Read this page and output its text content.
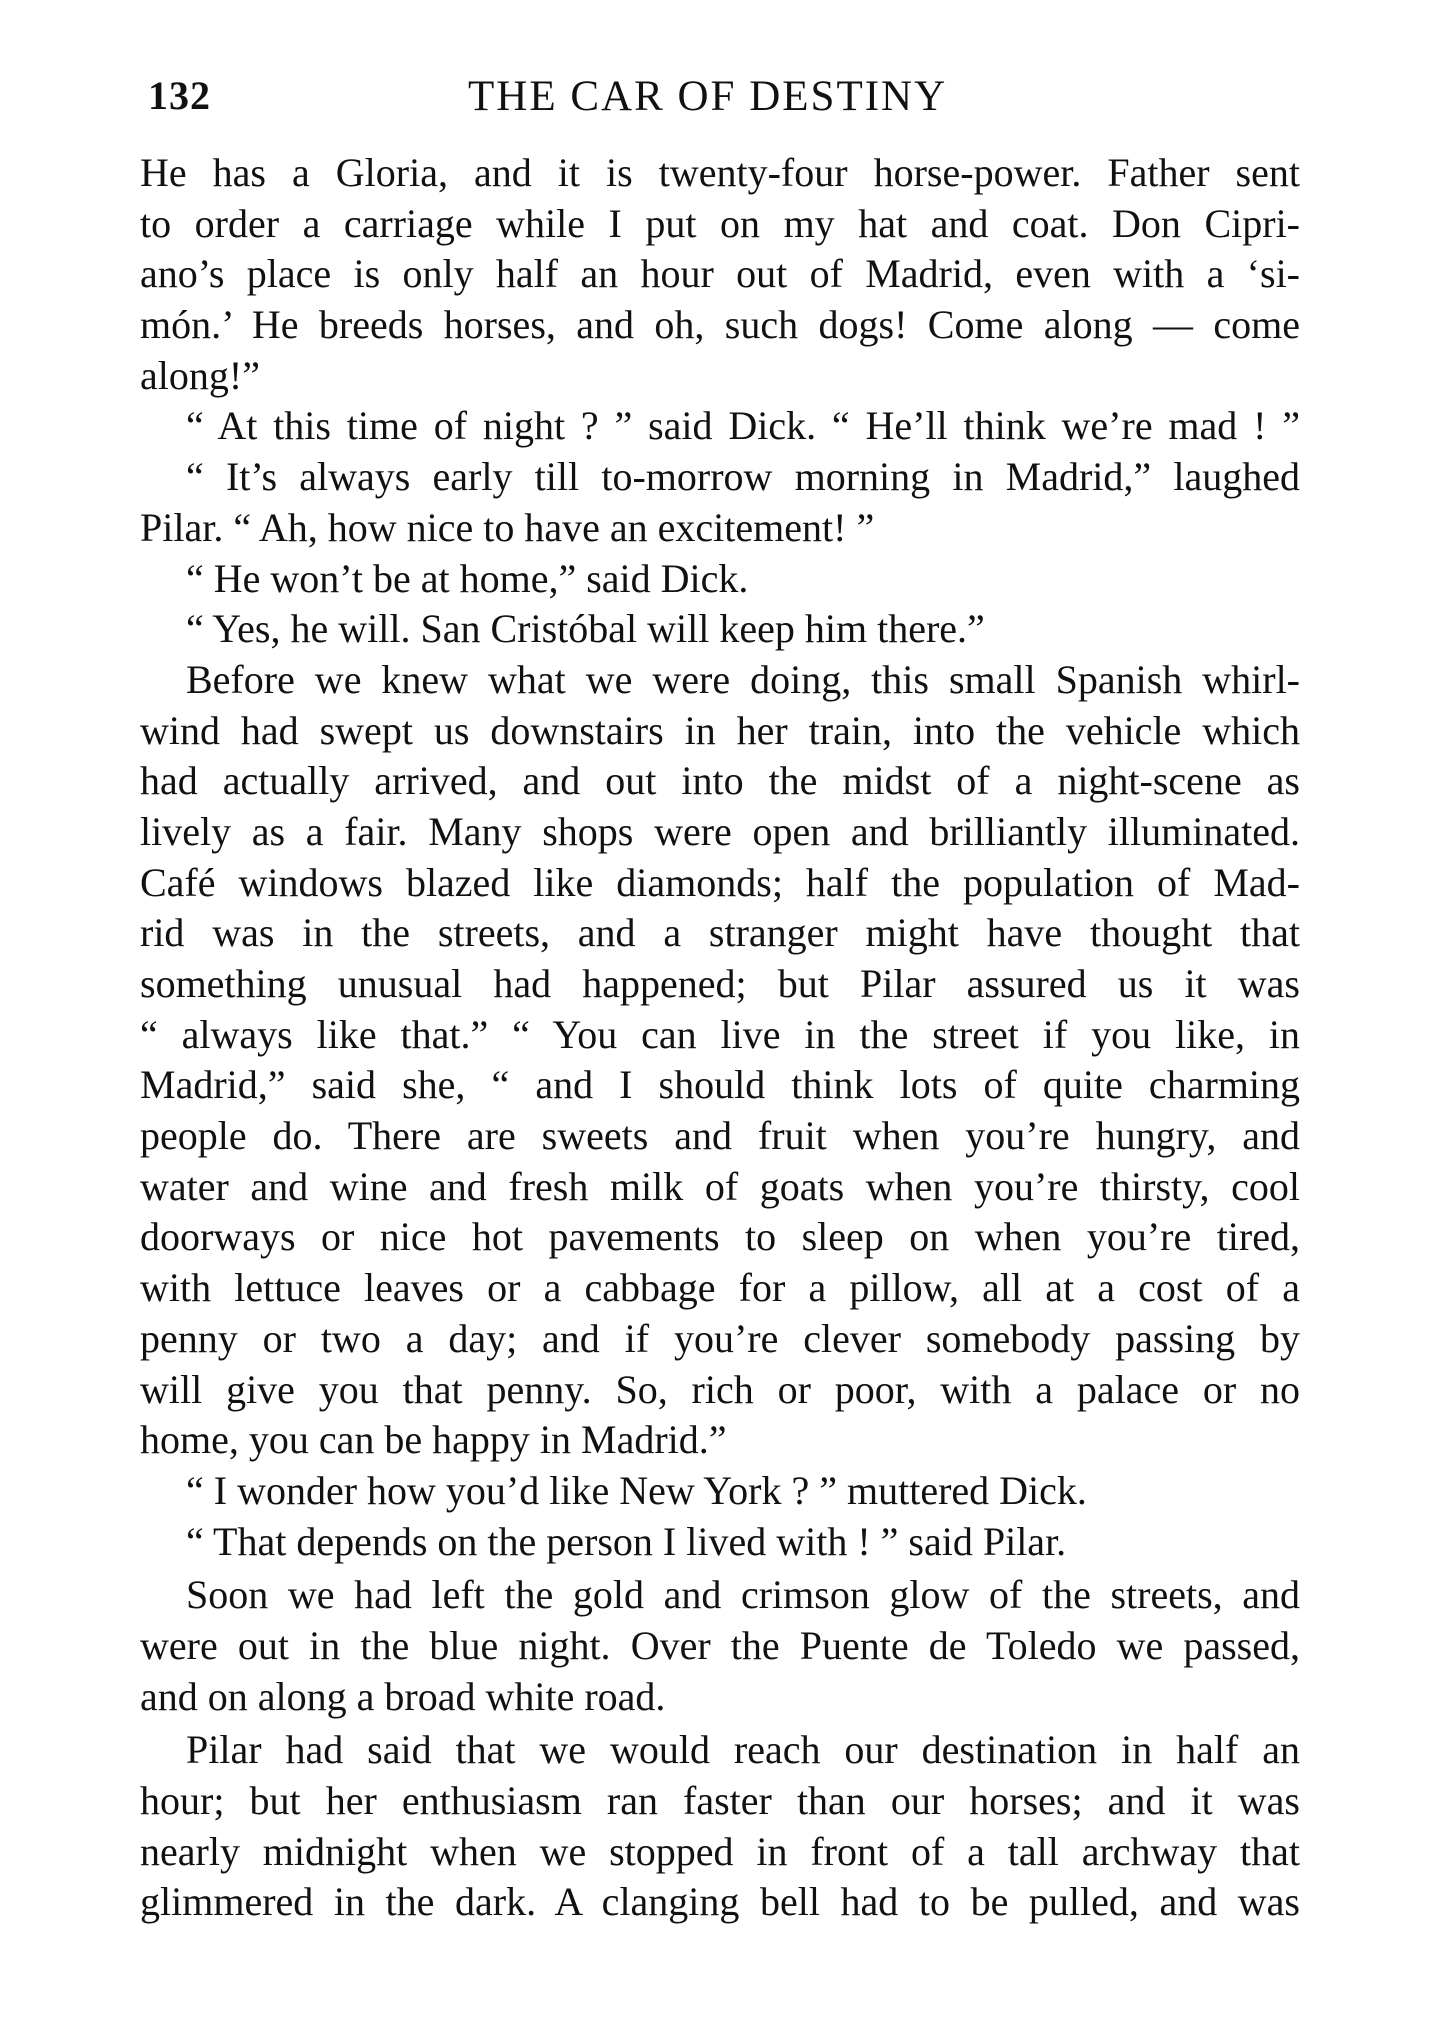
132	THE CAR OF DESTINY
He has a Gloria, and it is twenty-four horse-power. Father sent
to order a carriage while I put on my hat and coat. Don Cipri-
ano’s place is only half an hour out of Madrid, even with a ‘si-
món.’ He breeds horses, and oh, such dogs! Come along — come
along!”
“ At this time of night ? ” said Dick. “ He’ll think we’re mad ! ”
“ It’s always early till to-morrow morning in Madrid,” laughed
Pilar. “ Ah, how nice to have an excitement! ”
“ He won’t be at home,” said Dick.
“ Yes, he will. San Cristóbal will keep him there.”
Before we knew what we were doing, this small Spanish whirl-
wind had swept us downstairs in her train, into the vehicle which
had actually arrived, and out into the midst of a night-scene as
lively as a fair. Many shops were open and brilliantly illuminated.
Café windows blazed like diamonds; half the population of Mad-
rid was in the streets, and a stranger might have thought that
something unusual had happened; but Pilar assured us it was
“ always like that.” “ You can live in the street if you like, in
Madrid,” said she, “ and I should think lots of quite charming
people do. There are sweets and fruit when you’re hungry, and
water and wine and fresh milk of goats when you’re thirsty, cool
doorways or nice hot pavements to sleep on when you’re tired,
with lettuce leaves or a cabbage for a pillow, all at a cost of a
penny or two a day; and if you’re clever somebody passing by
will give you that penny. So, rich or poor, with a palace or no
home, you can be happy in Madrid.”
“ I wonder how you’d like New York ? ” muttered Dick.
“ That depends on the person I lived with ! ” said Pilar.
Soon we had left the gold and crimson glow of the streets, and
were out in the blue night. Over the Puente de Toledo we passed,
and on along a broad white road.
Pilar had said that we would reach our destination in half an
hour; but her enthusiasm ran faster than our horses; and it was
nearly midnight when we stopped in front of a tall archway that
glimmered in the dark. A clanging bell had to be pulled, and was
